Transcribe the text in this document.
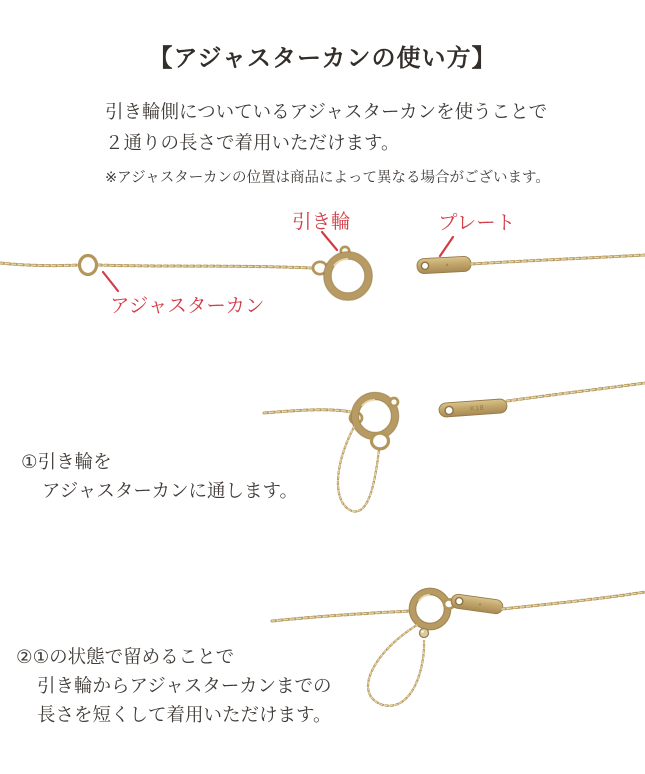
【アジャスターカンの使い方】
引き輪側についているアジャスターカンを使うことで
２通りの長さで着用いただけます。
※アジャスターカンの位置は商品によって異なる場合がございます。
引き輪	プレート
アジャスターカン
K18
①引き輪を
アジャスターカンに通します。
②①の状態で留めることで
引き輪からアジャスターカンまでの
長さを短くして着用いただけます。
